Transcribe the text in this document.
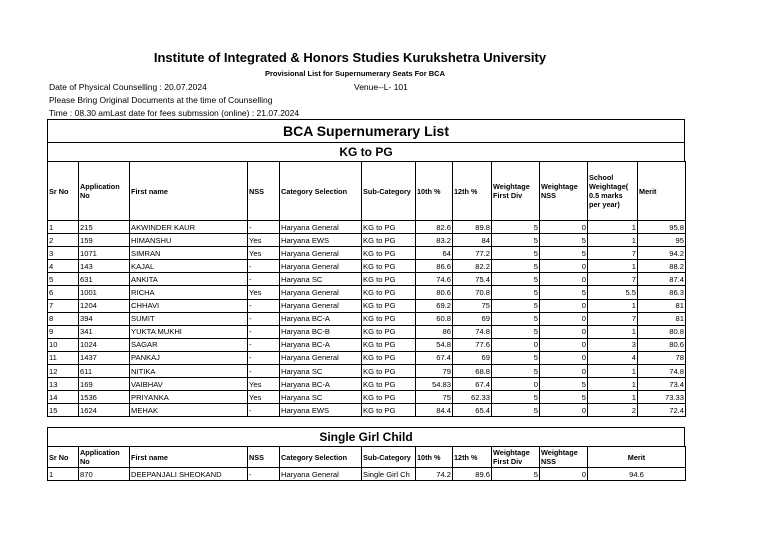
Institute of Integrated & Honors Studies Kurukshetra University
Provisional List for Supernumerary Seats For BCA
Date of Physical Counselling : 20.07.2024	Venue--L- 101
Please Bring Original Documents at the time of Counselling
Time : 08.30 amLast date for fees submssion (online) : 21.07.2024
BCA Supernumerary List
KG to PG
Sr No	Application No	First name	NSS	Category Selection	Sub-Category	10th %	12th %	Weightage First Div	Weightage NSS	School Weightage( 0.5 marks per year)	Merit
1	215	AKWINDER KAUR	-	Haryana General	KG to PG	82.6	89.8	5	0	1	95.8
2	159	HIMANSHU	Yes	Haryana EWS	KG to PG	83.2	84	5	5	1	95
3	1071	SIMRAN	Yes	Haryana General	KG to PG	64	77.2	5	5	7	94.2
4	143	KAJAL	-	Haryana General	KG to PG	86.6	82.2	5	0	1	88.2
5	631	ANKITA	-	Haryana SC	KG to PG	74.6	75.4	5	0	7	87.4
6	1001	RICHA	Yes	Haryana General	KG to PG	80.6	70.8	5	5	5.5	86.3
7	1204	CHHAVI	-	Haryana General	KG to PG	69.2	75	5	0	1	81
8	394	SUMIT	-	Haryana BC-A	KG to PG	60.8	69	5	0	7	81
9	341	YUKTA MUKHI	-	Haryana BC-B	KG to PG	86	74.8	5	0	1	80.8
10	1024	SAGAR	-	Haryana BC-A	KG to PG	54.8	77.6	0	0	3	80.6
11	1437	PANKAJ	-	Haryana General	KG to PG	67.4	69	5	0	4	78
12	611	NITIKA	-	Haryana SC	KG to PG	79	68.8	5	0	1	74.8
13	169	VAIBHAV	Yes	Haryana BC-A	KG to PG	54.83	67.4	0	5	1	73.4
14	1536	PRIYANKA	Yes	Haryana SC	KG to PG	75	62.33	5	5	1	73.33
15	1624	MEHAK	-	Haryana EWS	KG to PG	84.4	65.4	5	0	2	72.4
Single Girl Child
Sr No	Application No	First name	NSS	Category Selection	Sub-Category	10th %	12th %	Weightage First Div	Weightage NSS	Merit
1	870	DEEPANJALI SHEOKAND	-	Haryana General	Single Girl Ch	74.2	89.6	5	0	94.6
